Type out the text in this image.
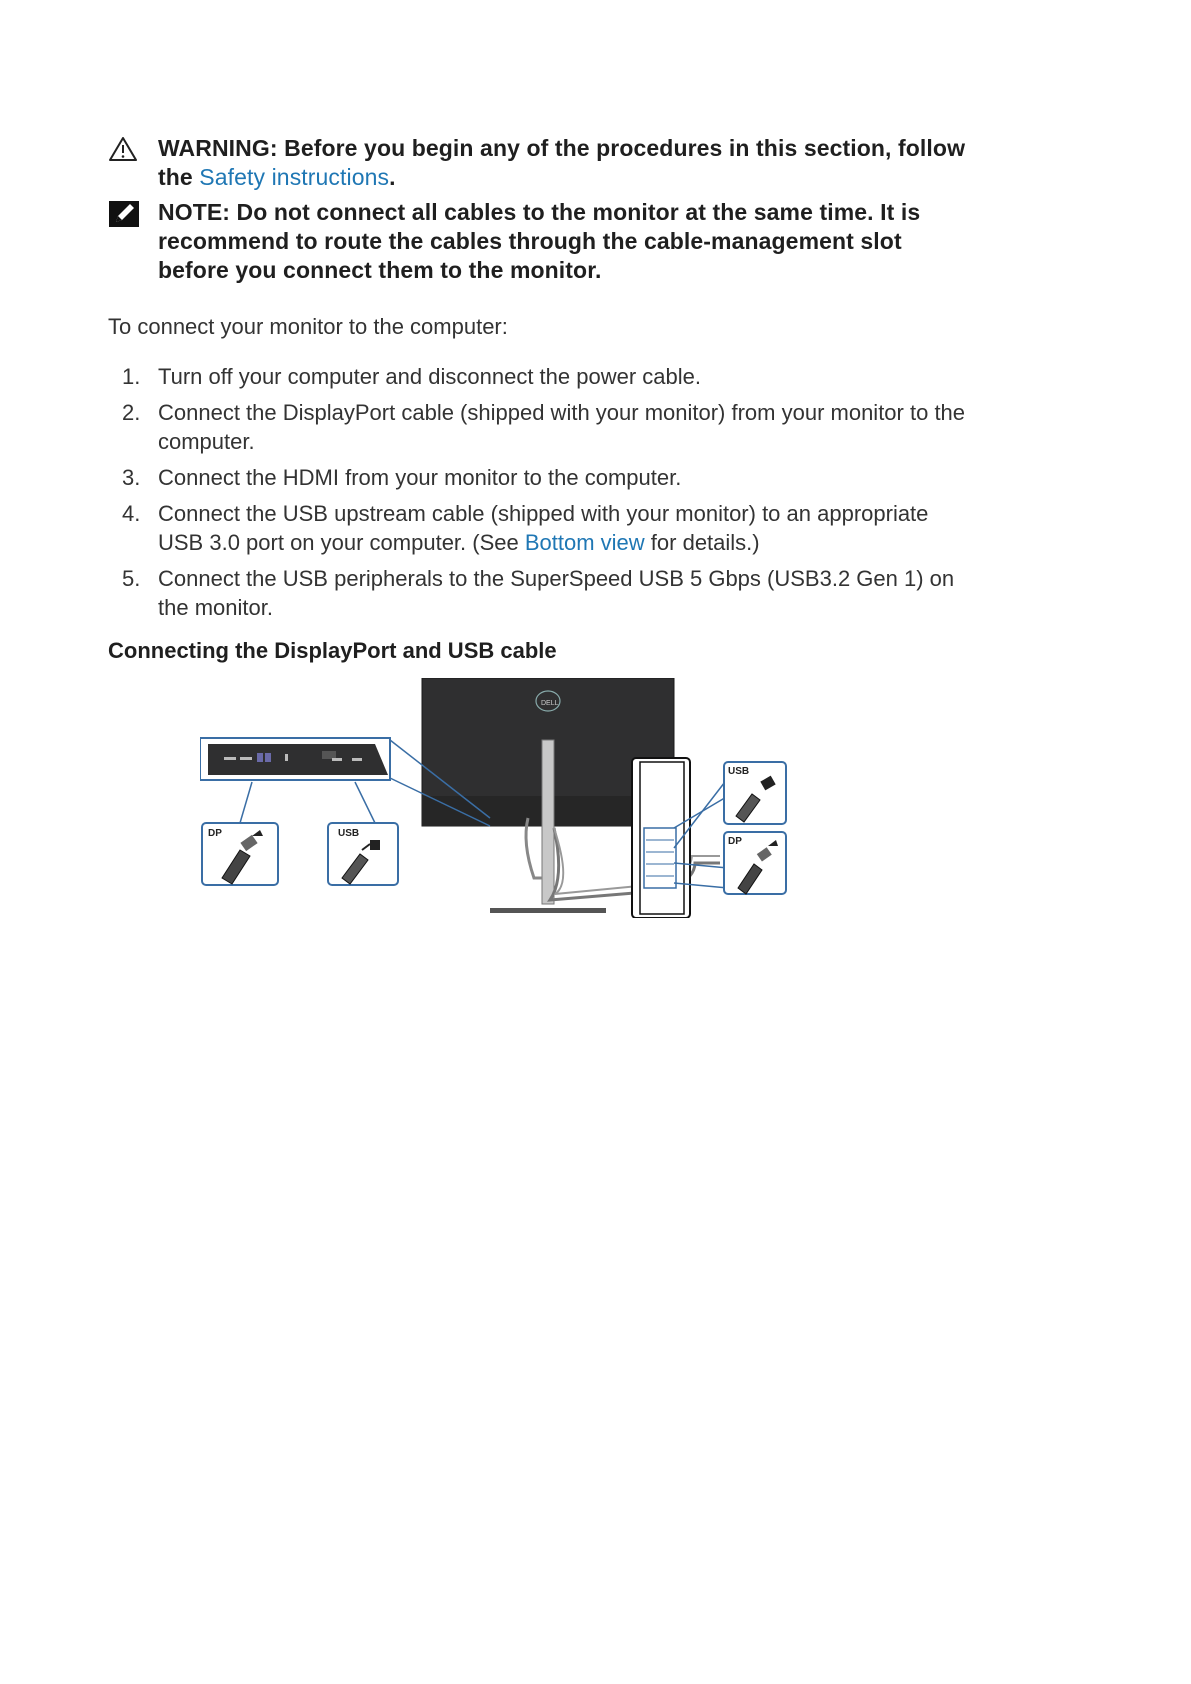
WARNING: Before you begin any of the procedures in this section, follow the Safety instructions.
NOTE: Do not connect all cables to the monitor at the same time. It is recommend to route the cables through the cable-management slot before you connect them to the monitor.
To connect your monitor to the computer:
1. Turn off your computer and disconnect the power cable.
2. Connect the DisplayPort cable (shipped with your monitor) from your monitor to the computer.
3. Connect the HDMI from your monitor to the computer.
4. Connect the USB upstream cable (shipped with your monitor) to an appropriate USB 3.0 port on your computer. (See Bottom view for details.)
5. Connect the USB peripherals to the SuperSpeed USB 5 Gbps (USB3.2 Gen 1) on the monitor.
Connecting the DisplayPort and USB cable
DELL
DP	USB
USB
DP
